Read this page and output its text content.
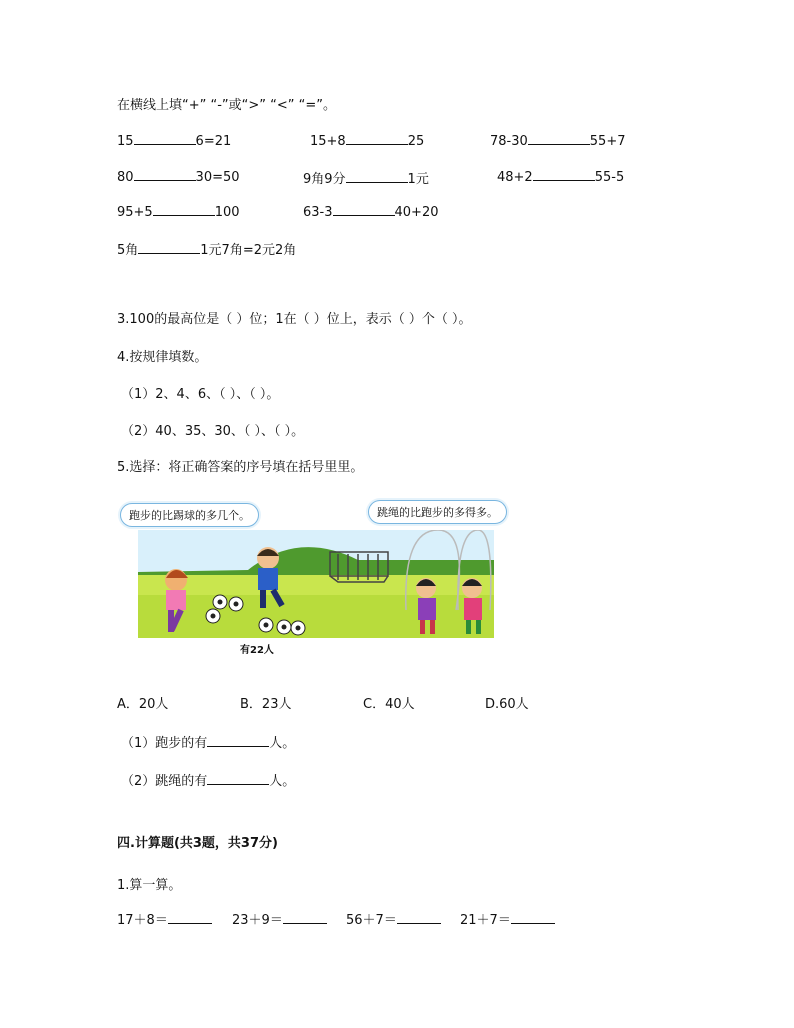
在横线上填“+” “-”或“>” “<” “=”。
15	6=21	15+8	25	78-30	55+7
80	30=50	9角9分	1元	48+2	55-5
95+5	100	63-3	40+20
5角	1元7角=2元2角
3.100的最高位是（ ）位；1在（ ）位上，表示（ ）个（ ）。
4.按规律填数。
（1）2、4、6、（ ）、（ ）。
（2）40、35、30、（ ）、（ ）。
5.选择：将正确答案的序号填在括号里里。
跑步的比踢球的多几个。	跳绳的比跑步的多得多。
有22人
A．20人	B．23人	C．40人	D.60人
（1）跑步的有	人。
（2）跳绳的有	人。
四.计算题(共3题，共37分)
1.算一算。
17＋8＝	23＋9＝	56＋7＝	21＋7＝
